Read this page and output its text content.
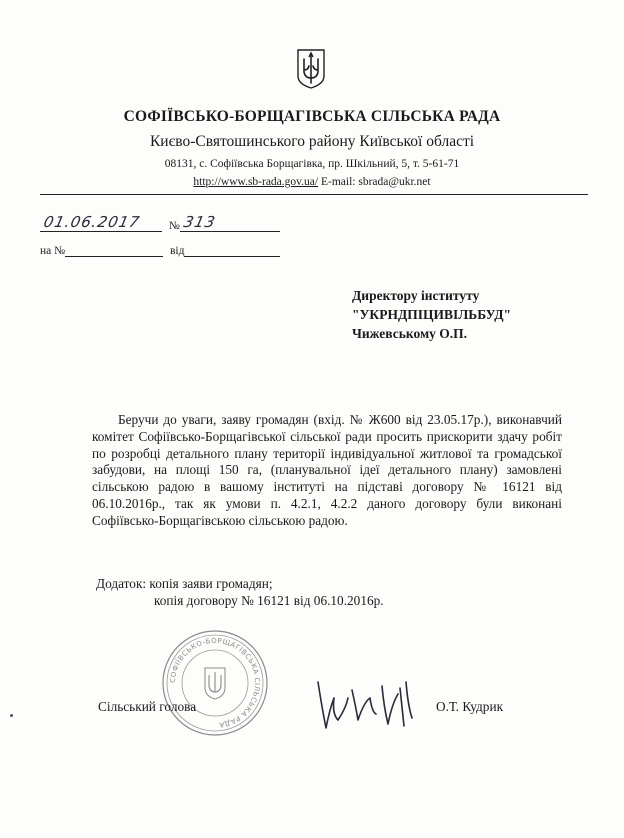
СОФІЇВСЬКО-БОРЩАГІВСЬКА СІЛЬСЬКА РАДА
Києво-Святошинського району Київської області
08131, с. Софіївська Борщагівка, пр. Шкільний, 5, т. 5-61-71
http://www.sb-rada.gov.ua/ E-mail: sbrada@ukr.net
01.06.2017 № 313
на №	від
Директору інституту
"УКРНДПІЦИВІЛЬБУД"
Чижевському О.П.
Беручи до уваги, заяву громадян (вхід. № Ж600 від 23.05.17р.), виконавчий комітет Софіївсько-Борщагівської сільської ради просить прискорити здачу робіт по розробці детального плану території індивідуальної житлової та громадської забудови, на площі 150 га, (планувальної ідеї детального плану) замовлені сільською радою в вашому інституті на підставі договору № 16121 від 06.10.2016р., так як умови п. 4.2.1, 4.2.2 даного договору були виконані Софіївсько-Борщагівською сільською радою.
Додаток: копія заяви громадян;
копія договору № 16121 від 06.10.2016р.
СОФІЇВСЬКО-БОРЩАГІВСЬКА СІЛЬСЬКА РАДА
Сільський голова	О.Т. Кудрик
